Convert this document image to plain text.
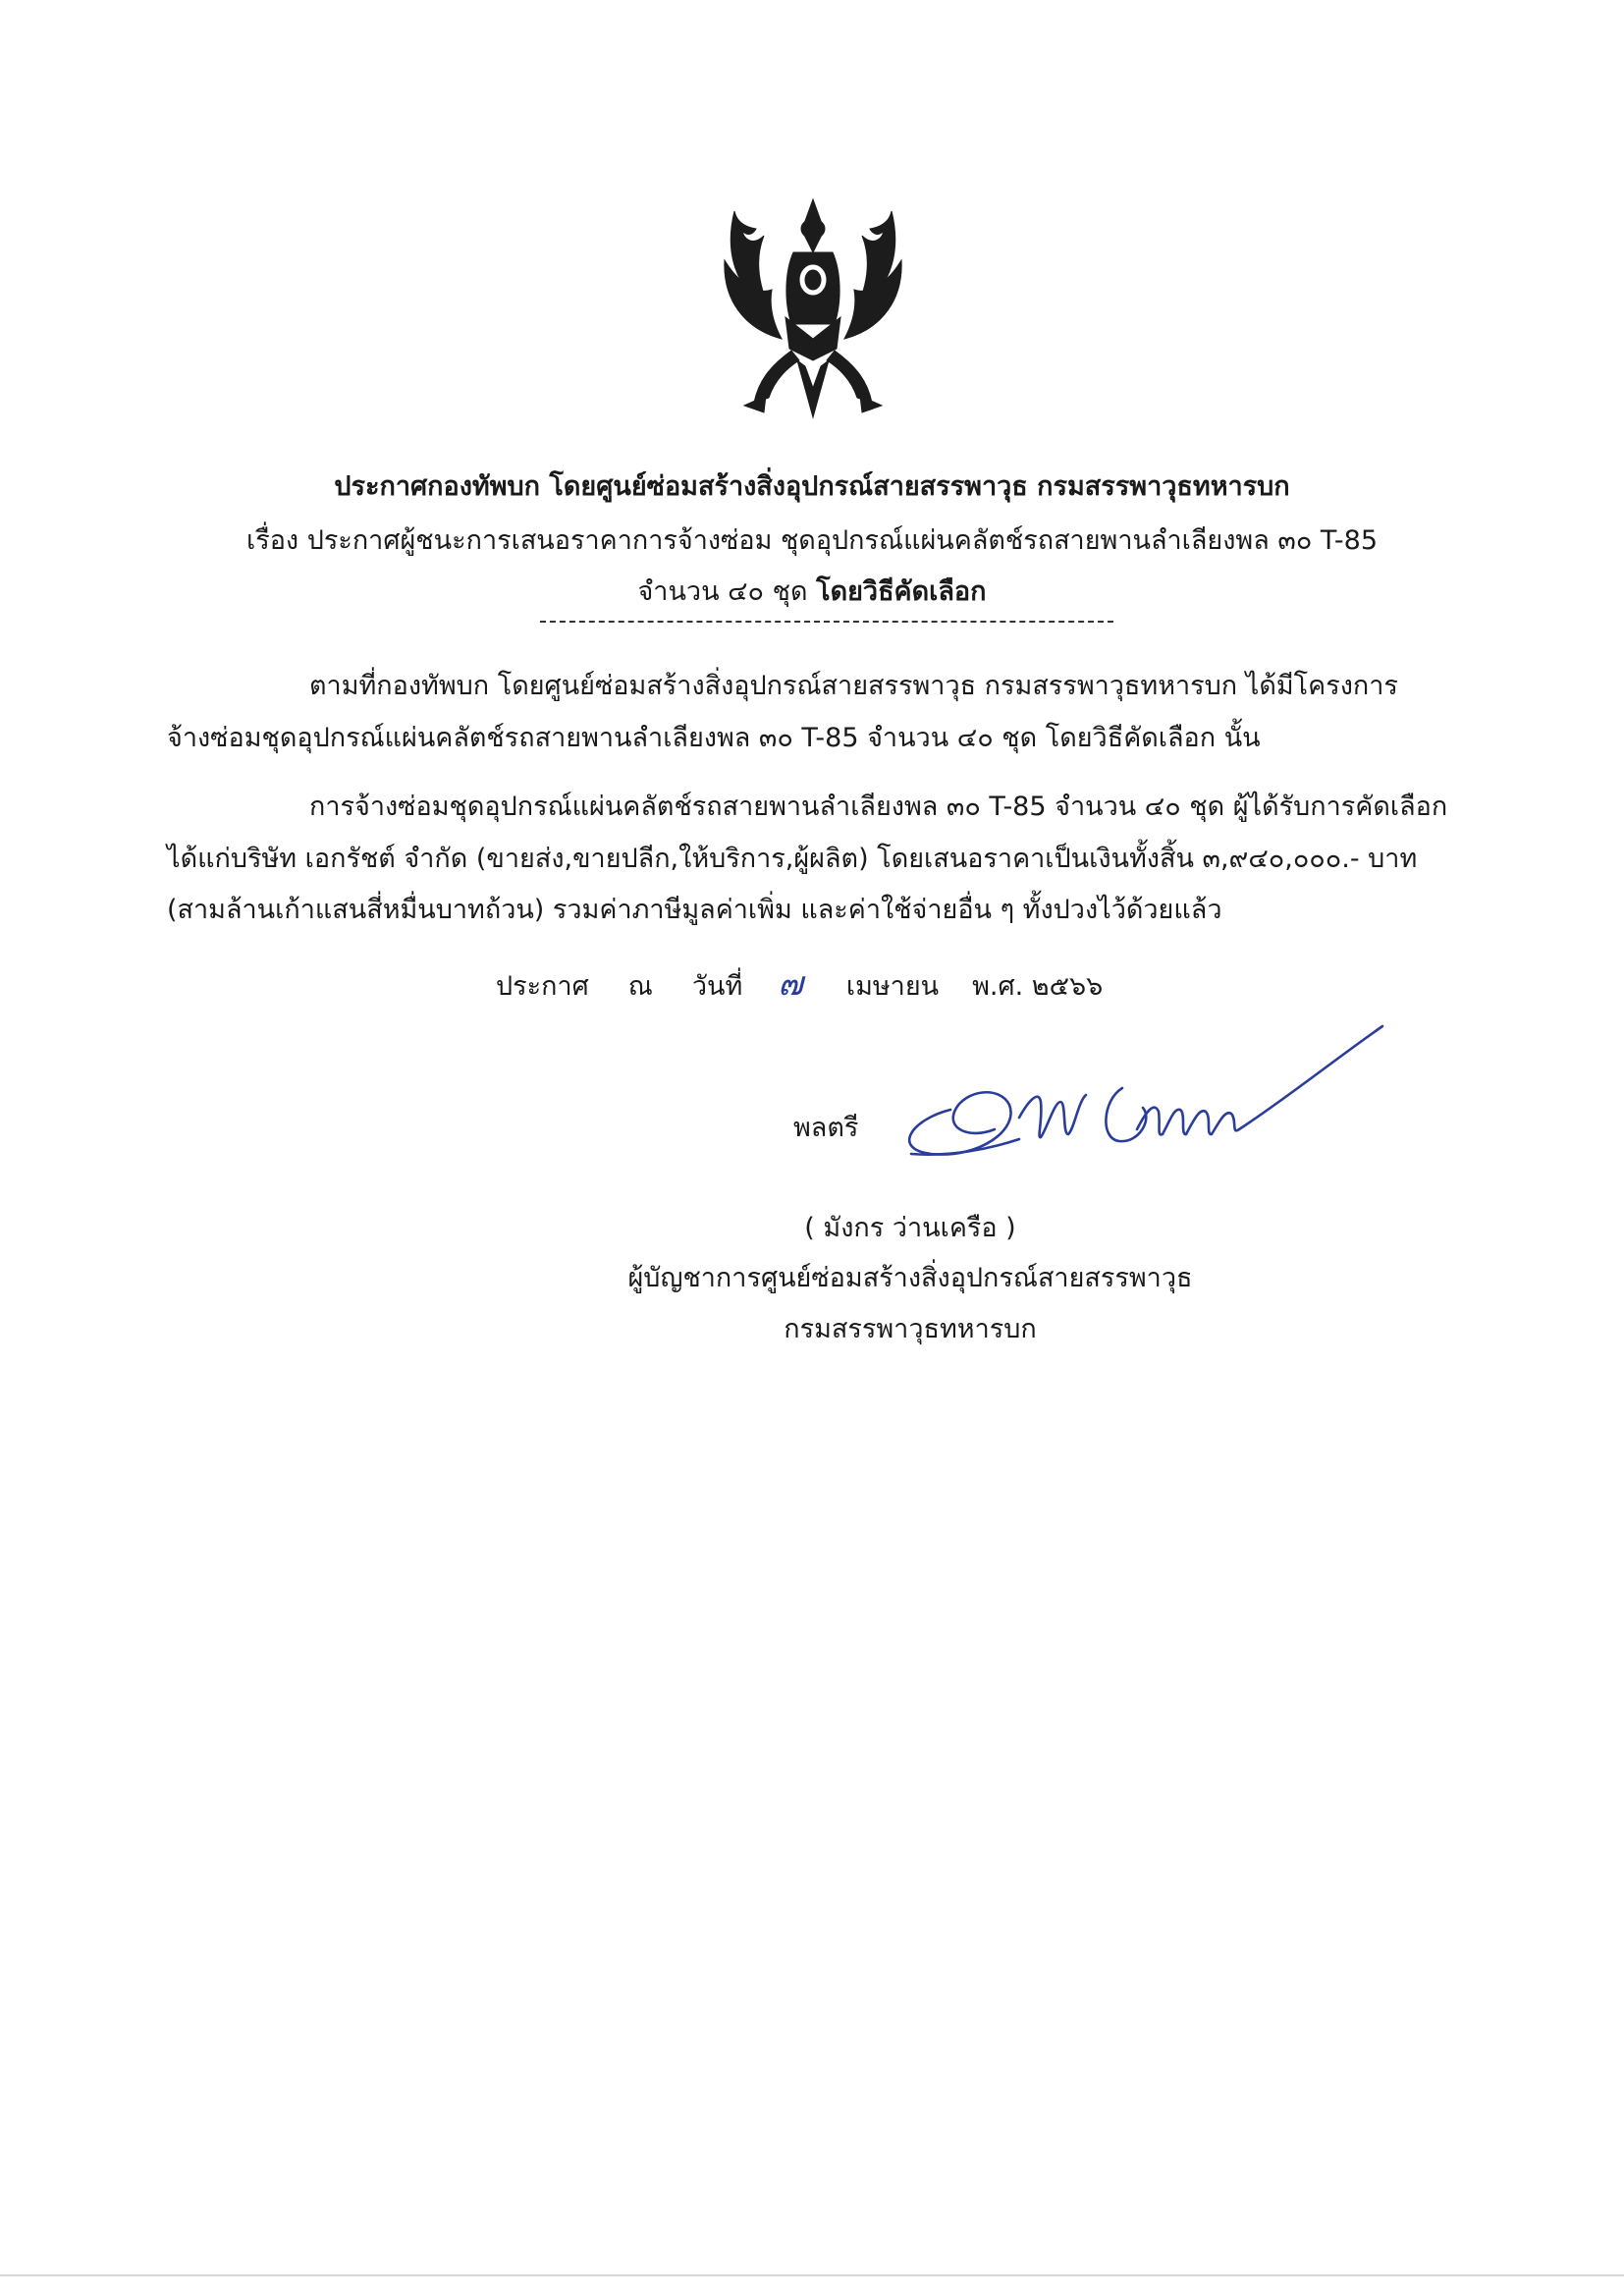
ประกาศกองทัพบก โดยศูนย์ซ่อมสร้างสิ่งอุปกรณ์สายสรรพาวุธ กรมสรรพาวุธทหารบก
เรื่อง ประกาศผู้ชนะการเสนอราคาการจ้างซ่อม ชุดอุปกรณ์แผ่นคลัตช์รถสายพานลำเลียงพล ๓๐ T-85
จำนวน ๔๐ ชุด โดยวิธีคัดเลือก
ตามที่กองทัพบก โดยศูนย์ซ่อมสร้างสิ่งอุปกรณ์สายสรรพาวุธ กรมสรรพาวุธทหารบก ได้มีโครงการ
จ้างซ่อมชุดอุปกรณ์แผ่นคลัตช์รถสายพานลำเลียงพล ๓๐ T-85 จำนวน ๔๐ ชุด โดยวิธีคัดเลือก นั้น
การจ้างซ่อมชุดอุปกรณ์แผ่นคลัตช์รถสายพานลำเลียงพล ๓๐ T-85 จำนวน ๔๐ ชุด ผู้ได้รับการคัดเลือก
ได้แก่บริษัท เอกรัชต์ จำกัด (ขายส่ง,ขายปลีก,ให้บริการ,ผู้ผลิต) โดยเสนอราคาเป็นเงินทั้งสิ้น ๓,๙๔๐,๐๐๐.- บาท
(สามล้านเก้าแสนสี่หมื่นบาทถ้วน) รวมค่าภาษีมูลค่าเพิ่ม และค่าใช้จ่ายอื่น ๆ ทั้งปวงไว้ด้วยแล้ว
ประกาศ ณ วันที่ ๗ เมษายน พ.ศ. ๒๕๖๖
พลตรี
( มังกร ว่านเครือ )
ผู้บัญชาการศูนย์ซ่อมสร้างสิ่งอุปกรณ์สายสรรพาวุธ
กรมสรรพาวุธทหารบก
